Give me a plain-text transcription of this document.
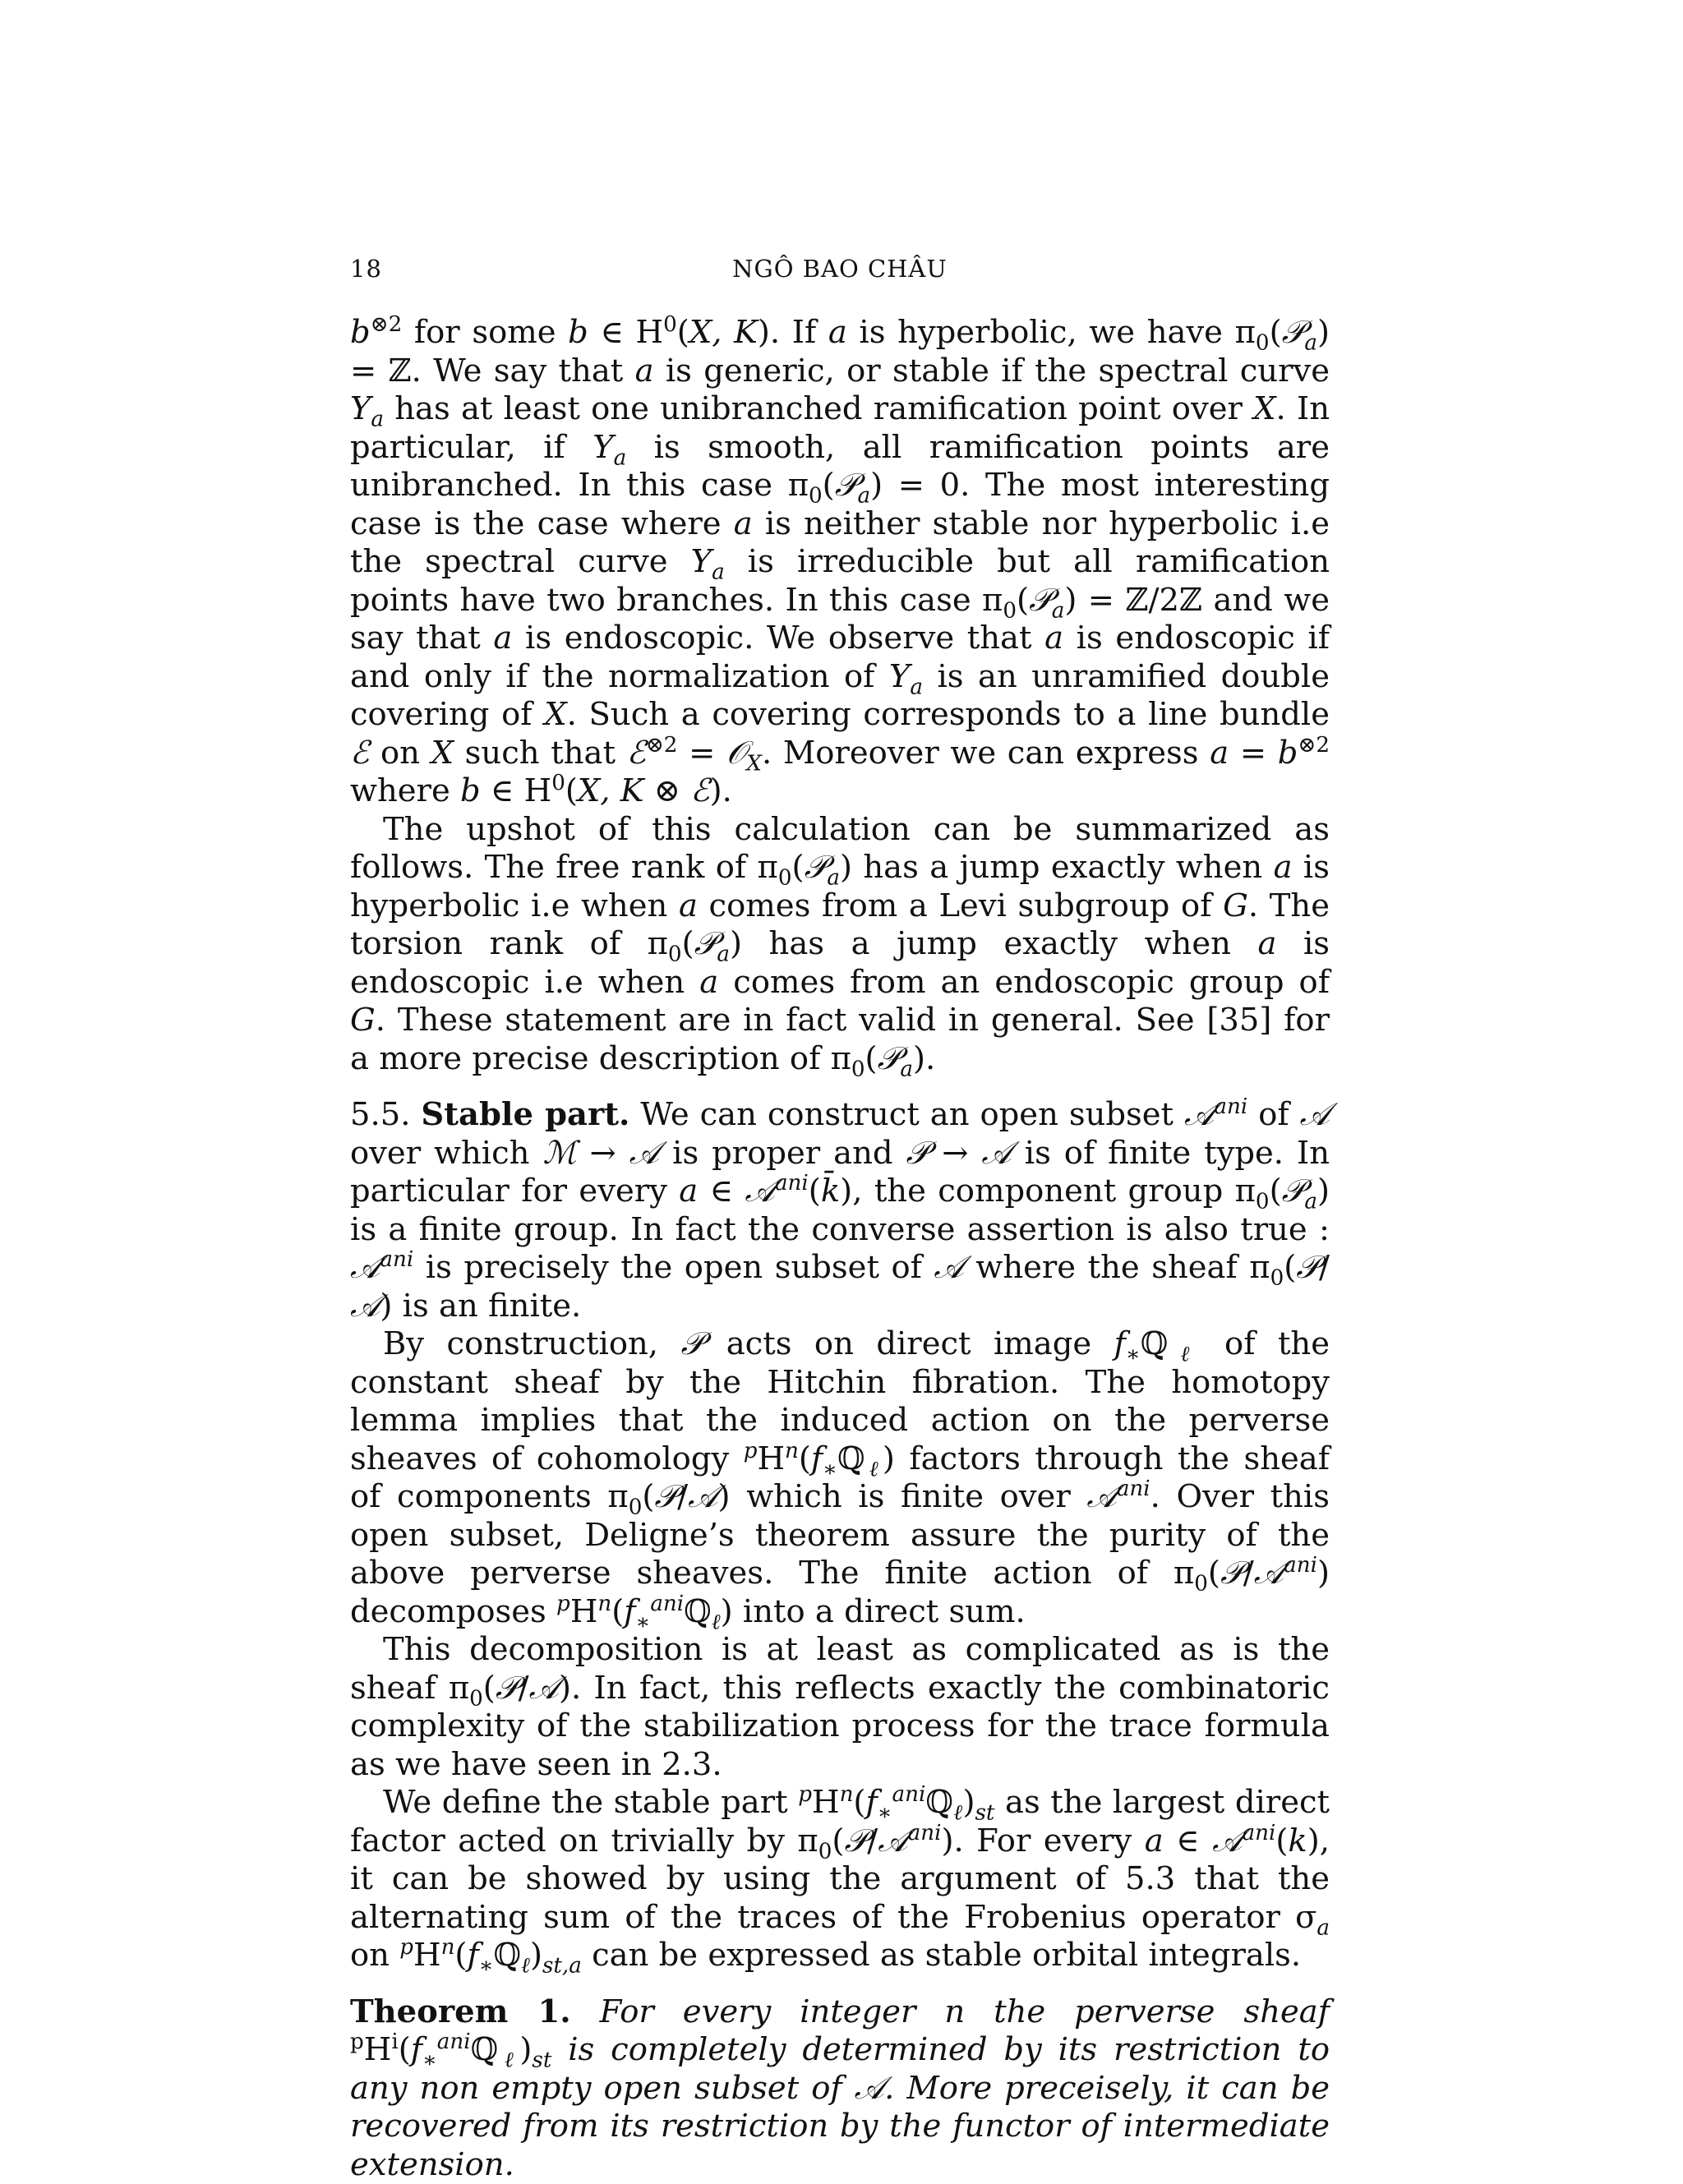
18	NGÔ BAO CHÂU

$b^{\otimes 2}$ for some b ∈ $H^0(X$, K). If a is hyperbolic, we have $\pi_0(𝒫_a)$ = ℤ. We say that a is generic, or stable if the spectral curve $Y_a$ has at least one unibranched ramification point over X. In particular, if $Y_a$ is smooth, all ramification points are unibranched. In this case $\pi_0(𝒫_a) = 0$. The most interesting case is the case where a is neither stable nor hyperbolic i.e the spectral curve $Y_a$ is irreducible but all ramification points have two branches. In this case $\pi_0(𝒫_a)$ = ℤ/2ℤ and we say that a is endoscopic. We observe that a is endoscopic if and only if the normalization of $Y_a$ is an unramified double covering of X. Such a covering corresponds to a line bundle ℰ on X such that ℰ$^{\otimes 2}$ = 𝒪$_X$. Moreover we can express $a = b^{\otimes 2}$ where b ∈ $H^0(X$, K ⊗ ℰ).

The upshot of this calculation can be summarized as follows. The free rank of $\pi_0(𝒫_a)$ has a jump exactly when a is hyperbolic i.e when a comes from a Levi subgroup of G. The torsion rank of $\pi_0(𝒫_a)$ has a jump exactly when a is endoscopic i.e when a comes from an endoscopic group of G. These statement are in fact valid in general. See [35] for a more precise description of $\pi_0(𝒫_a)$.

5.5. Stable part. We can construct an open subset 𝒜$^{ani}$ of 𝒜 over which ℳ → 𝒜 is proper and 𝒫 → 𝒜 is of finite type. In particular for every a ∈ 𝒜$^{ani}$(k̄), the component group $\pi_0(𝒫_a)$ is a finite group. In fact the converse assertion is also true : 𝒜$^{ani}$ is precisely the open subset of 𝒜 where the sheaf $\pi_0(𝒫/𝒜)$ is an finite.

By construction, 𝒫 acts on direct image $f_∗ℚ_\ell$ of the constant sheaf by the Hitchin fibration. The homotopy lemma implies that the induced action on the perverse sheaves of cohomology $^pH^n(f_∗ℚ_\ell)$ factors through the sheaf of components $\pi_0(𝒫/𝒜)$ which is finite over 𝒜$^{ani}$. Over this open subset, Deligne’s theorem assure the purity of the above perverse sheaves. The finite action of $\pi_0(𝒫/𝒜^{ani})$ decomposes $^pH^n(f_∗^{ani}ℚ_\ell)$ into a direct sum.

This decomposition is at least as complicated as is the sheaf $\pi_0(𝒫/𝒜)$. In fact, this reflects exactly the combinatoric complexity of the stabilization process for the trace formula as we have seen in 2.3.

We define the stable part $^pH^n(f_∗^{ani}ℚ_\ell)_{st}$ as the largest direct factor acted on trivially by $\pi_0(𝒫/𝒜^{ani})$. For every a ∈ 𝒜$^{ani}$(k), it can be showed by using the argument of 5.3 that the alternating sum of the traces of the Frobenius operator $\sigma_a$ on $^pH^n(f_∗ℚ_\ell)_{st,a}$ can be expressed as stable orbital integrals.

Theorem 1. For every integer n the perverse sheaf $^pH^i(f_∗^{ani}ℚ_\ell)_{st}$ is completely determined by its restriction to any non empty open subset of 𝒜. More preceisely, it can be recovered from its restriction by the functor of intermediate extension.
